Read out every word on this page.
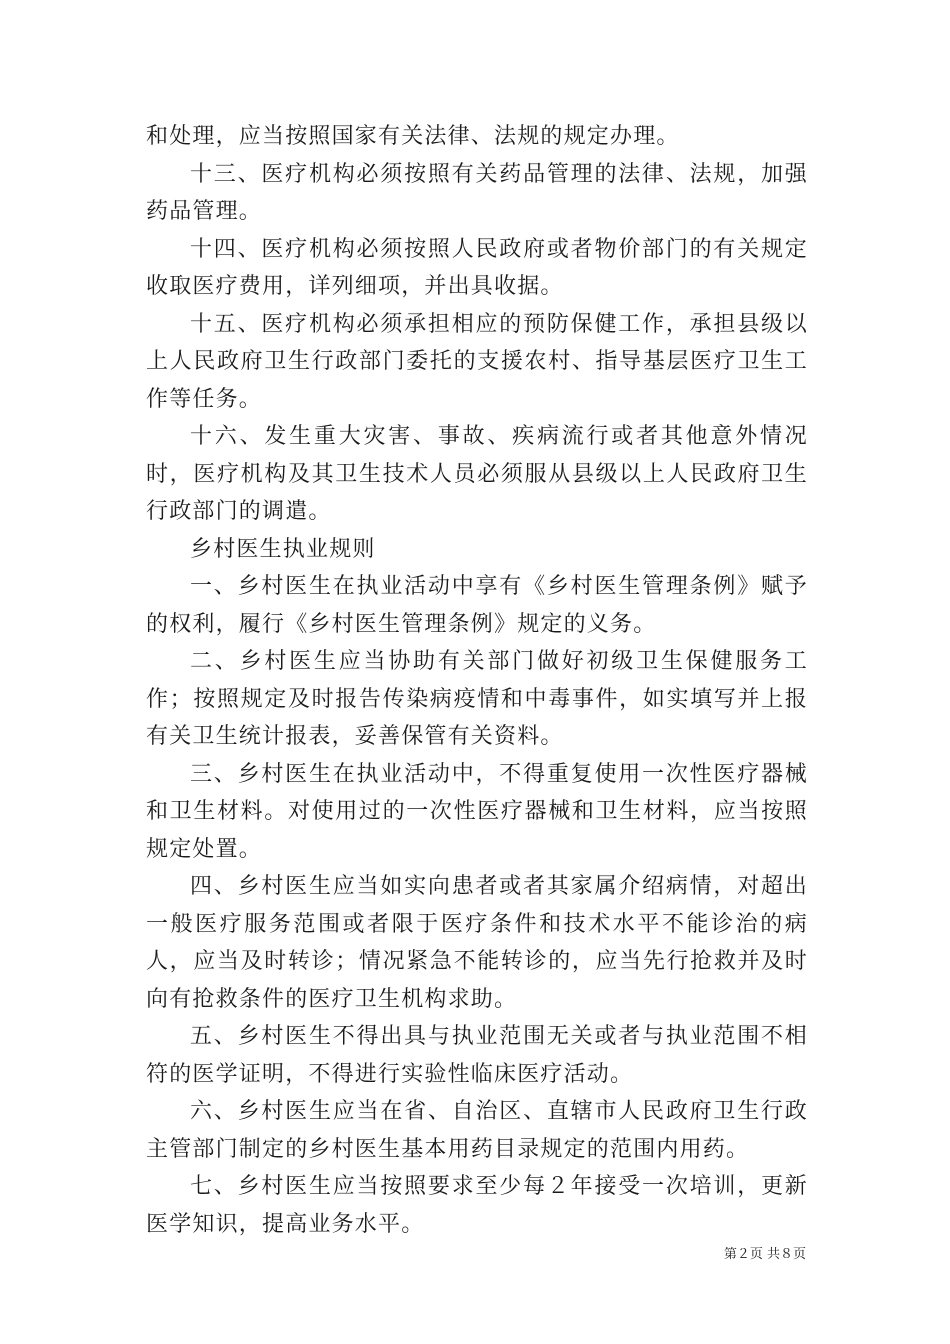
和处理，应当按照国家有关法律、法规的规定办理。

十三、医疗机构必须按照有关药品管理的法律、法规，加强药品管理。

十四、医疗机构必须按照人民政府或者物价部门的有关规定收取医疗费用，详列细项，并出具收据。

十五、医疗机构必须承担相应的预防保健工作，承担县级以上人民政府卫生行政部门委托的支援农村、指导基层医疗卫生工作等任务。

十六、发生重大灾害、事故、疾病流行或者其他意外情况时，医疗机构及其卫生技术人员必须服从县级以上人民政府卫生行政部门的调遣。

乡村医生执业规则

一、乡村医生在执业活动中享有《乡村医生管理条例》赋予的权利，履行《乡村医生管理条例》规定的义务。

二、乡村医生应当协助有关部门做好初级卫生保健服务工作；按照规定及时报告传染病疫情和中毒事件，如实填写并上报有关卫生统计报表，妥善保管有关资料。

三、乡村医生在执业活动中，不得重复使用一次性医疗器械和卫生材料。对使用过的一次性医疗器械和卫生材料，应当按照规定处置。

四、乡村医生应当如实向患者或者其家属介绍病情，对超出一般医疗服务范围或者限于医疗条件和技术水平不能诊治的病人，应当及时转诊；情况紧急不能转诊的，应当先行抢救并及时向有抢救条件的医疗卫生机构求助。

五、乡村医生不得出具与执业范围无关或者与执业范围不相符的医学证明，不得进行实验性临床医疗活动。

六、乡村医生应当在省、自治区、直辖市人民政府卫生行政主管部门制定的乡村医生基本用药目录规定的范围内用药。

七、乡村医生应当按照要求至少每２年接受一次培训，更新医学知识，提高业务水平。

第２页 共８页
